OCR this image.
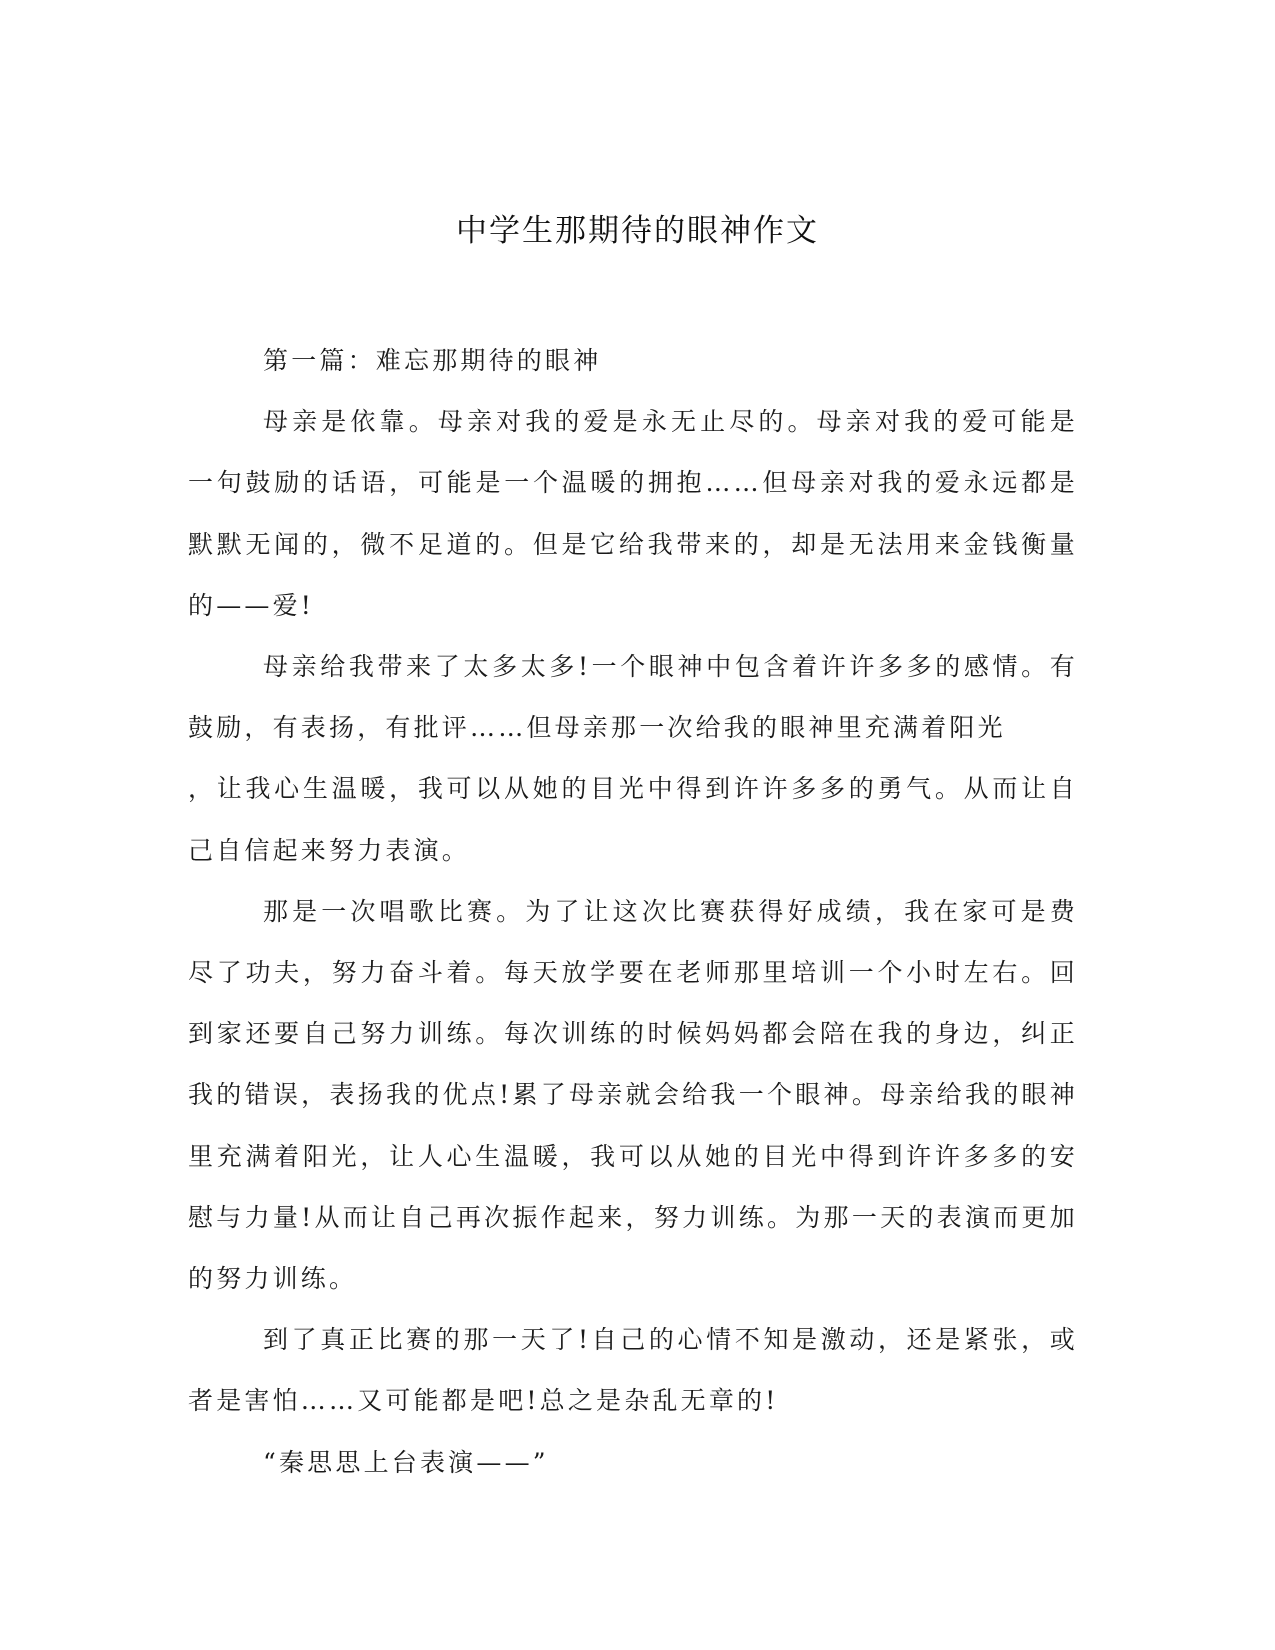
中学生那期待的眼神作文

第一篇：难忘那期待的眼神

母亲是依靠。母亲对我的爱是永无止尽的。母亲对我的爱可能是一句鼓励的话语，可能是一个温暖的拥抱……但母亲对我的爱永远都是默默无闻的，微不足道的。但是它给我带来的，却是无法用来金钱衡量的——爱!

母亲给我带来了太多太多!一个眼神中包含着许许多多的感情。有鼓励，有表扬，有批评……但母亲那一次给我的眼神里充满着阳光

，让我心生温暖，我可以从她的目光中得到许许多多的勇气。从而让自己自信起来努力表演。

那是一次唱歌比赛。为了让这次比赛获得好成绩，我在家可是费尽了功夫，努力奋斗着。每天放学要在老师那里培训一个小时左右。回到家还要自己努力训练。每次训练的时候妈妈都会陪在我的身边，纠正我的错误，表扬我的优点!累了母亲就会给我一个眼神。母亲给我的眼神里充满着阳光，让人心生温暖，我可以从她的目光中得到许许多多的安慰与力量!从而让自己再次振作起来，努力训练。为那一天的表演而更加的努力训练。

到了真正比赛的那一天了!自己的心情不知是激动，还是紧张，或者是害怕……又可能都是吧!总之是杂乱无章的!

“秦思思上台表演——”
